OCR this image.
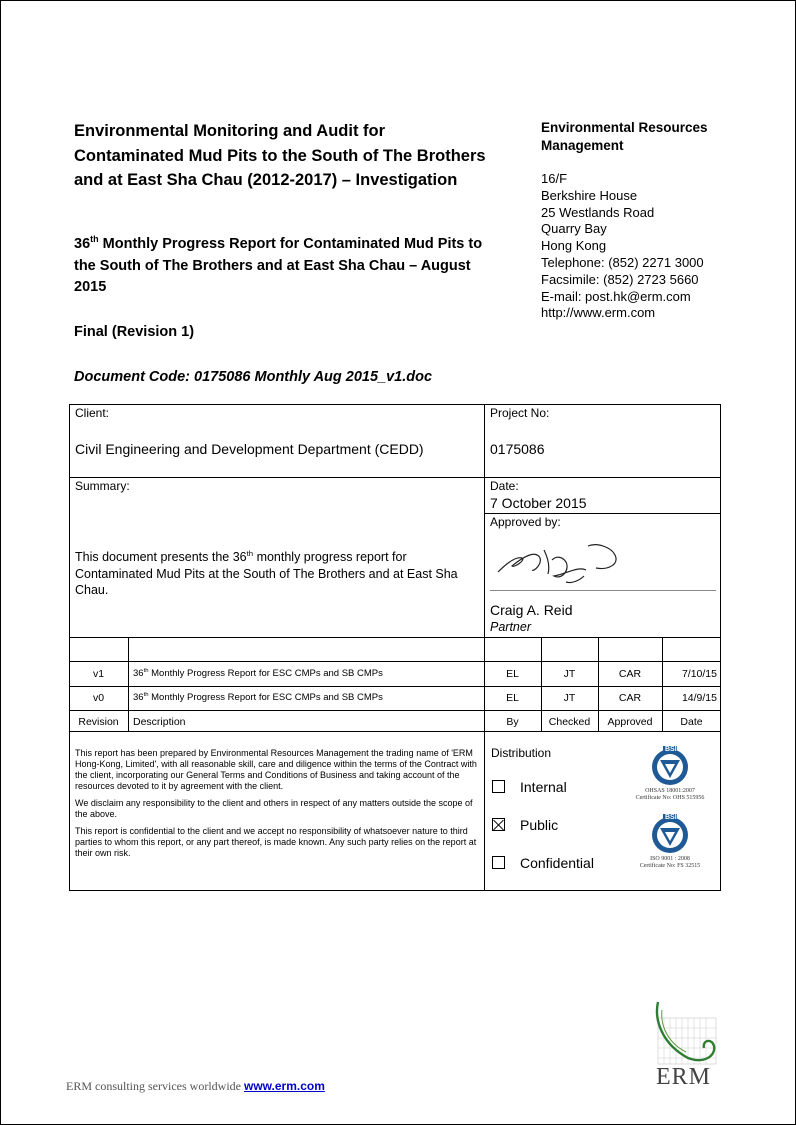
Environmental Monitoring and Audit for Contaminated Mud Pits to the South of The Brothers and at East Sha Chau (2012-2017) – Investigation
36th Monthly Progress Report for Contaminated Mud Pits to the South of The Brothers and at East Sha Chau – August 2015
Final (Revision 1)
Document Code: 0175086 Monthly Aug 2015_v1.doc
Environmental Resources Management
16/F
Berkshire House
25 Westlands Road
Quarry Bay
Hong Kong
Telephone: (852) 2271 3000
Facsimile: (852) 2723 5660
E-mail: post.hk@erm.com
http://www.erm.com
Client:
Civil Engineering and Development Department (CEDD)
Project No:
0175086
Summary:
This document presents the 36th monthly progress report for Contaminated Mud Pits at the South of The Brothers and at East Sha Chau.
Date:
7 October 2015
Approved by:
Craig A. Reid
Partner
v1	36th Monthly Progress Report for ESC CMPs and SB CMPs	EL	JT	CAR	7/10/15
v0	36th Monthly Progress Report for ESC CMPs and SB CMPs	EL	JT	CAR	14/9/15
Revision	Description	By	Checked	Approved	Date
This report has been prepared by Environmental Resources Management the trading name of 'ERM Hong-Kong, Limited', with all reasonable skill, care and diligence within the terms of the Contract with the client, incorporating our General Terms and Conditions of Business and taking account of the resources devoted to it by agreement with the client.
We disclaim any responsibility to the client and others in respect of any matters outside the scope of the above.
This report is confidential to the client and we accept no responsibility of whatsoever nature to third parties to whom this report, or any part thereof, is made known. Any such party relies on the report at their own risk.
Distribution
Internal
Public
Confidential
BSI
OHSAS 18001:2007
Certificate No: OHS 515956
BSI
ISO 9001 : 2008
Certificate No: FS 32515
ERM
ERM consulting services worldwide www.erm.com
